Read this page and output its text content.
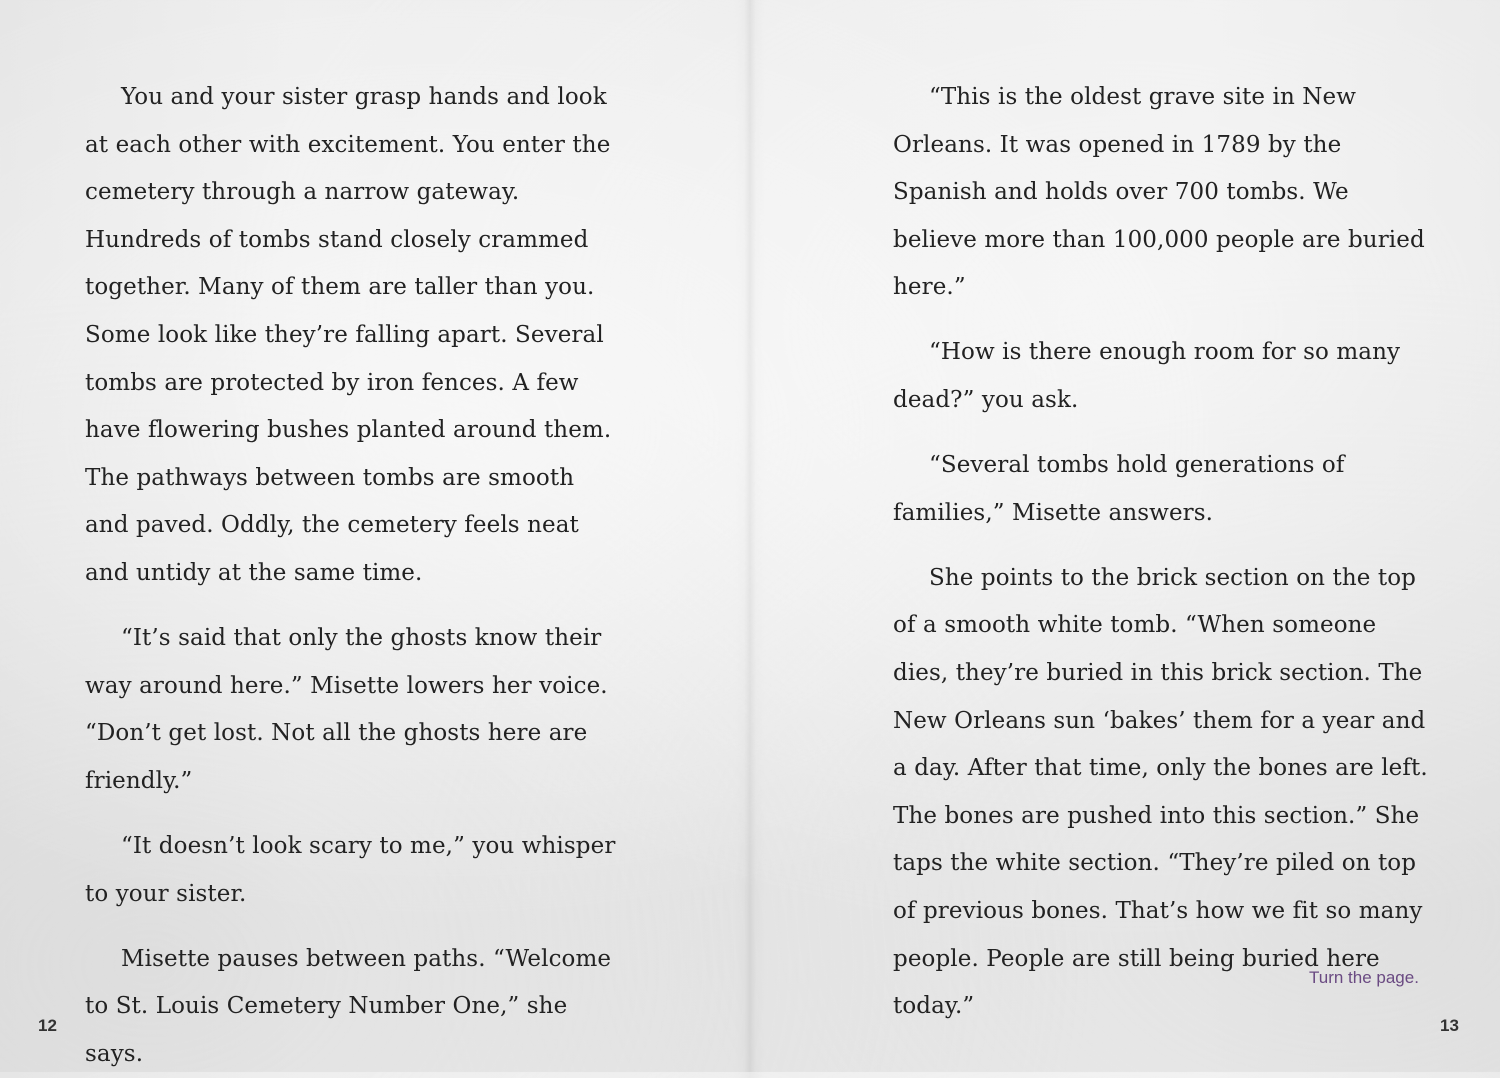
You and your sister grasp hands and look at each other with excitement. You enter the cemetery through a narrow gateway. Hundreds of tombs stand closely crammed together. Many of them are taller than you. Some look like they’re falling apart. Several tombs are protected by iron fences. A few have flowering bushes planted around them. The pathways between tombs are smooth and paved. Oddly, the cemetery feels neat and untidy at the same time.

“It’s said that only the ghosts know their way around here.” Misette lowers her voice. “Don’t get lost. Not all the ghosts here are friendly.”

“It doesn’t look scary to me,” you whisper to your sister.

Misette pauses between paths. “Welcome to St. Louis Cemetery Number One,” she says.

12

“This is the oldest grave site in New Orleans. It was opened in 1789 by the Spanish and holds over 700 tombs. We believe more than 100,000 people are buried here.”

“How is there enough room for so many dead?” you ask.

“Several tombs hold generations of families,” Misette answers.

She points to the brick section on the top of a smooth white tomb. “When someone dies, they’re buried in this brick section. The New Orleans sun ‘bakes’ them for a year and a day. After that time, only the bones are left. The bones are pushed into this section.” She taps the white section. “They’re piled on top of previous bones. That’s how we fit so many people. People are still being buried here today.”

Turn the page.
13
